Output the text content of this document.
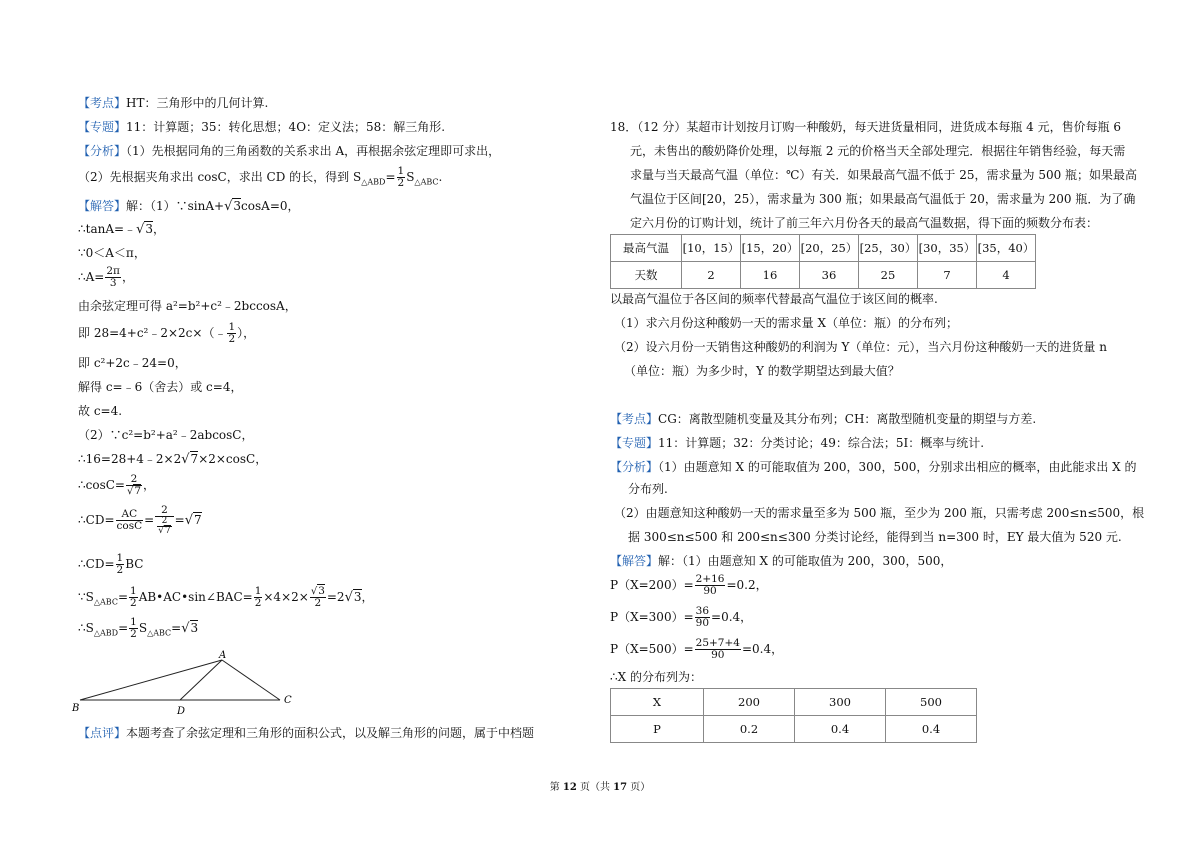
【考点】HT：三角形中的几何计算.
【专题】11：计算题；35：转化思想；4O：定义法；58：解三角形.
【分析】（1）先根据同角的三角函数的关系求出 A，再根据余弦定理即可求出，
（2）先根据夹角求出 cosC，求出 CD 的长，得到 $S_{\triangle ABD}= \frac{1}{2} S_{\triangle ABC}$.
【解答】解：（1）∵sinA+√3cosA=0，
∴tanA=﹣√3，
∵0＜A＜π，
∴A= $\frac{2\pi}{3}$ ，
由余弦定理可得 a²=b²+c²﹣2bccosA，
即 28=4+c²﹣2×2c×（﹣ $\frac{1}{2}$ ），
即 c²+2c﹣24=0，
解得 c=﹣6（舍去）或 c=4，
故 c=4.
（2）∵c²=b²+a²﹣2abcosC，
∴16=28+4﹣2×2√7×2×cosC，
∴cosC= $\frac{2}{√7}$ ，
∴CD= $\frac{AC}{\cos C} = \frac{2}{\frac{2}{√7}} =√7$
∴CD= $\frac{1}{2}$ BC
$\because S_{\triangle ABC}= \frac{1}{2}$ AB•AC•sin∠BAC= $\frac{1}{2} \times 4\times 2\times \frac{√3}{2} =2√3$，
$\therefore S_{\triangle ABD}= \frac{1}{2} S_{\triangle ABC}=√3$
A
B
C
D
【点评】本题考查了余弦定理和三角形的面积公式，以及解三角形的问题，属于中档题
18．（12 分）某超市计划按月订购一种酸奶，每天进货量相同，进货成本每瓶 4 元，售价每瓶 6
元，未售出的酸奶降价处理，以每瓶 2 元的价格当天全部处理完．根据往年销售经验，每天需
求量与当天最高气温（单位：℃）有关．如果最高气温不低于 25，需求量为 500 瓶；如果最高
气温位于区间[20，25），需求量为 300 瓶；如果最高气温低于 20，需求量为 200 瓶．为了确
定六月份的订购计划，统计了前三年六月份各天的最高气温数据，得下面的频数分布表：
最高气温	[10，15）	[15，20）	[20，25）	[25，30）	[30，35）	[35，40）
天数	2	16	36	25	7	4
以最高气温位于各区间的频率代替最高气温位于该区间的概率.
（1）求六月份这种酸奶一天的需求量 X（单位：瓶）的分布列；
（2）设六月份一天销售这种酸奶的利润为 Y（单位：元），当六月份这种酸奶一天的进货量 n
（单位：瓶）为多少时，Y 的数学期望达到最大值？
【考点】CG：离散型随机变量及其分布列；CH：离散型随机变量的期望与方差.
【专题】11：计算题；32：分类讨论；49：综合法；5I：概率与统计.
【分析】（1）由题意知 X 的可能取值为 200，300，500，分别求出相应的概率，由此能求出 X 的
分布列.
（2）由题意知这种酸奶一天的需求量至多为 500 瓶，至少为 200 瓶，只需考虑 200≤n≤500，根
据 300≤n≤500 和 200≤n≤300 分类讨论经，能得到当 n=300 时，EY 最大值为 520 元.
【解答】解：（1）由题意知 X 的可能取值为 200，300，500，
$P(X=200)= \frac{2+16}{90} =0.2$，
$P(X=300)= \frac{36}{90} =0.4$，
$P(X=500)= \frac{25+7+4}{90} =0.4$，
∴X 的分布列为：
X	200	300	500
P	0.2	0.4	0.4
第 12 页（共 17 页）
